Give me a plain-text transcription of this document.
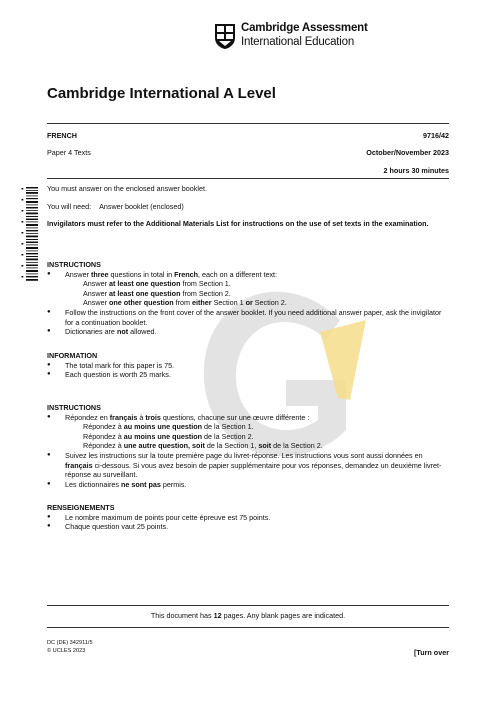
Cambridge Assessment
International Education
Cambridge International A Level
FRENCH	9716/42
Paper 4 Texts	October/November 2023
2 hours 30 minutes

You must answer on the enclosed answer booklet.

You will need: Answer booklet (enclosed)

Invigilators must refer to the Additional Materials List for instructions on the use of set texts in the examination.

INSTRUCTIONS

● Answer three questions in total in French, each on a different text:

Answer at least one question from Section 1.

Answer at least one question from Section 2.

Answer one other question from either Section 1 or Section 2.

● Follow the instructions on the front cover of the answer booklet. If you need additional answer paper, ask the invigilator for a continuation booklet.

● Dictionaries are not allowed.

INFORMATION

● The total mark for this paper is 75.

● Each question is worth 25 marks.

INSTRUCTIONS

● Répondez en français à trois questions, chacune sur une œuvre différente :

Répondez à au moins une question de la Section 1.

Répondez à au moins une question de la Section 2.

Répondez à une autre question, soit de la Section 1, soit de la Section 2.

● Suivez les instructions sur la toute première page du livret-réponse. Les instructions vous sont aussi données en français ci-dessous. Si vous avez besoin de papier supplémentaire pour vos réponses, demandez un deuxième livret-réponse au surveillant.

● Les dictionnaires ne sont pas permis.

RENSEIGNEMENTS

● Le nombre maximum de points pour cette épreuve est 75 points.

● Chaque question vaut 25 points.

This document has 12 pages. Any blank pages are indicated.
DC (DE) 342911/5
© UCLES 2023	[Turn over
